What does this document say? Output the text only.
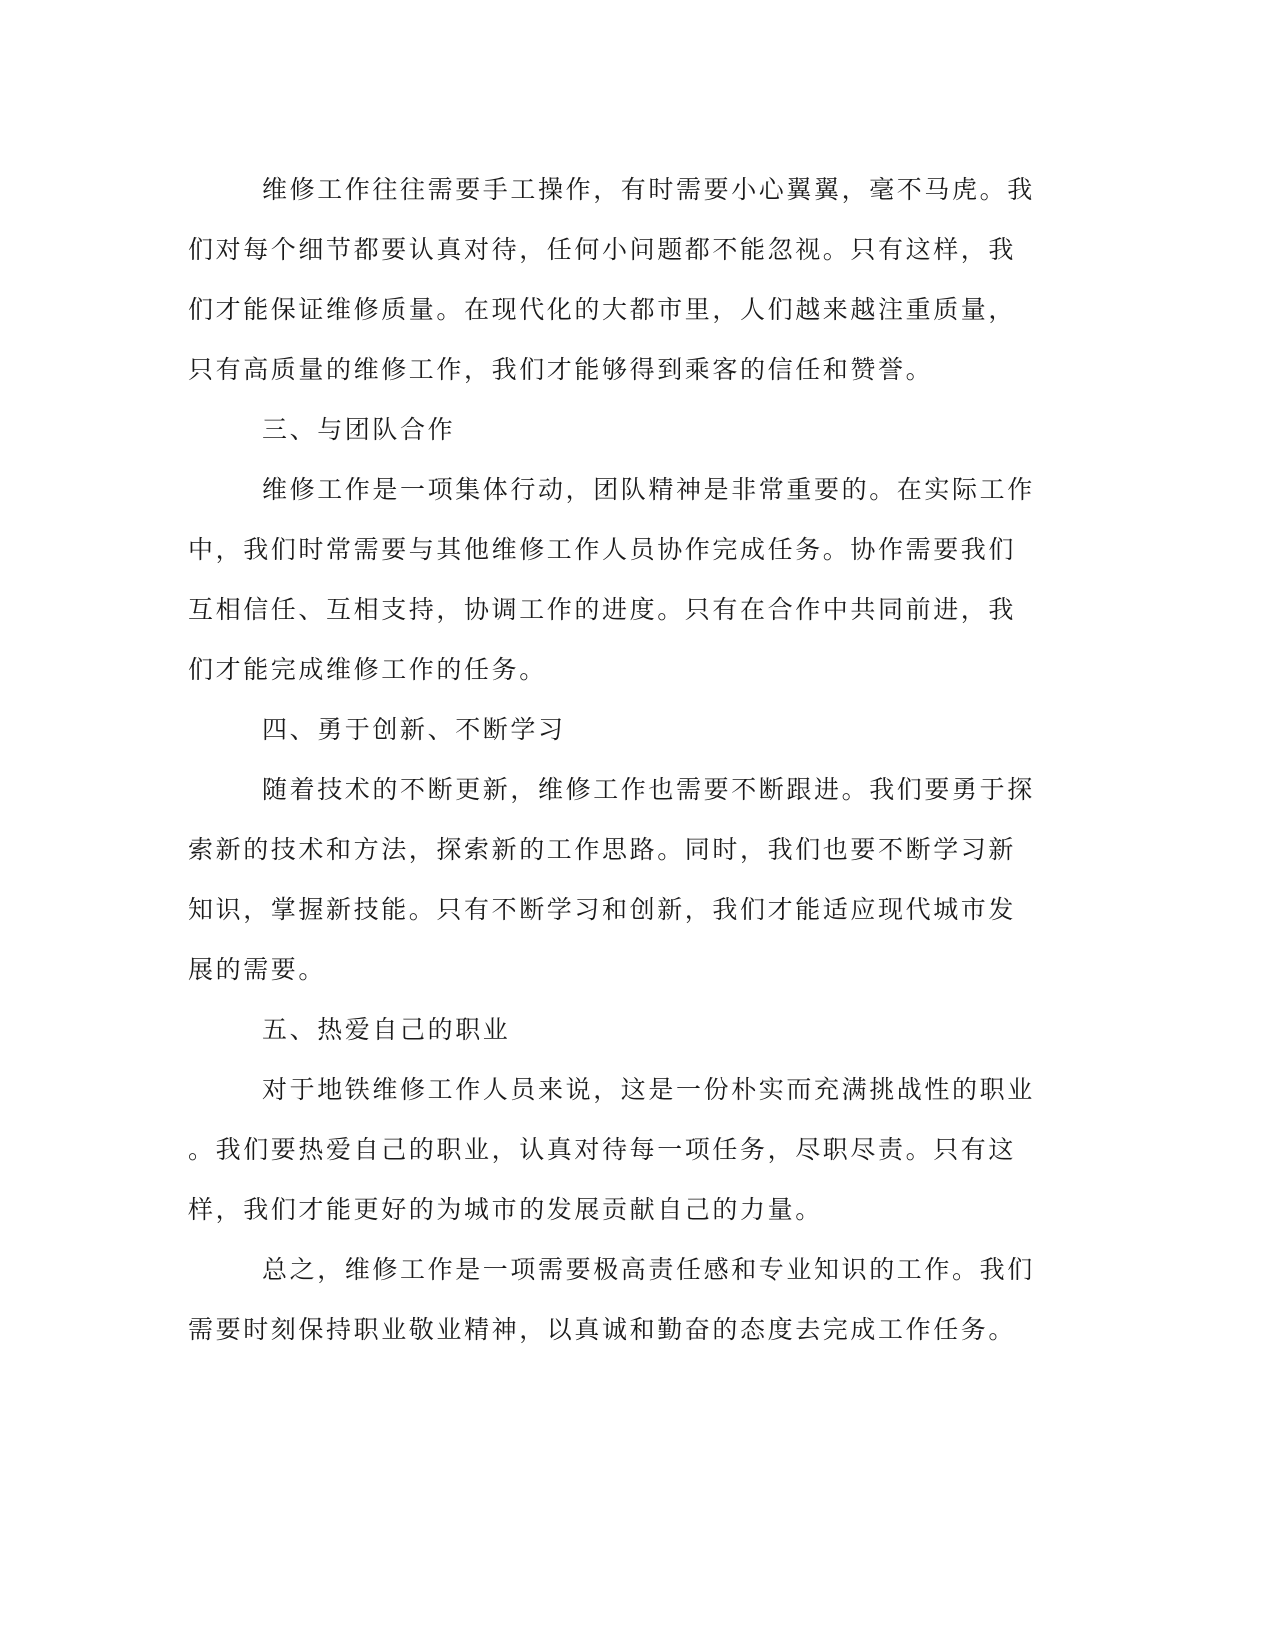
维修工作往往需要手工操作，有时需要小心翼翼，毫不马虎。我
们对每个细节都要认真对待，任何小问题都不能忽视。只有这样，我
们才能保证维修质量。在现代化的大都市里，人们越来越注重质量，
只有高质量的维修工作，我们才能够得到乘客的信任和赞誉。
三、与团队合作
维修工作是一项集体行动，团队精神是非常重要的。在实际工作
中，我们时常需要与其他维修工作人员协作完成任务。协作需要我们
互相信任、互相支持，协调工作的进度。只有在合作中共同前进，我
们才能完成维修工作的任务。
四、勇于创新、不断学习
随着技术的不断更新，维修工作也需要不断跟进。我们要勇于探
索新的技术和方法，探索新的工作思路。同时，我们也要不断学习新
知识，掌握新技能。只有不断学习和创新，我们才能适应现代城市发
展的需要。
五、热爱自己的职业
对于地铁维修工作人员来说，这是一份朴实而充满挑战性的职业
。我们要热爱自己的职业，认真对待每一项任务，尽职尽责。只有这
样，我们才能更好的为城市的发展贡献自己的力量。
总之，维修工作是一项需要极高责任感和专业知识的工作。我们
需要时刻保持职业敬业精神，以真诚和勤奋的态度去完成工作任务。
